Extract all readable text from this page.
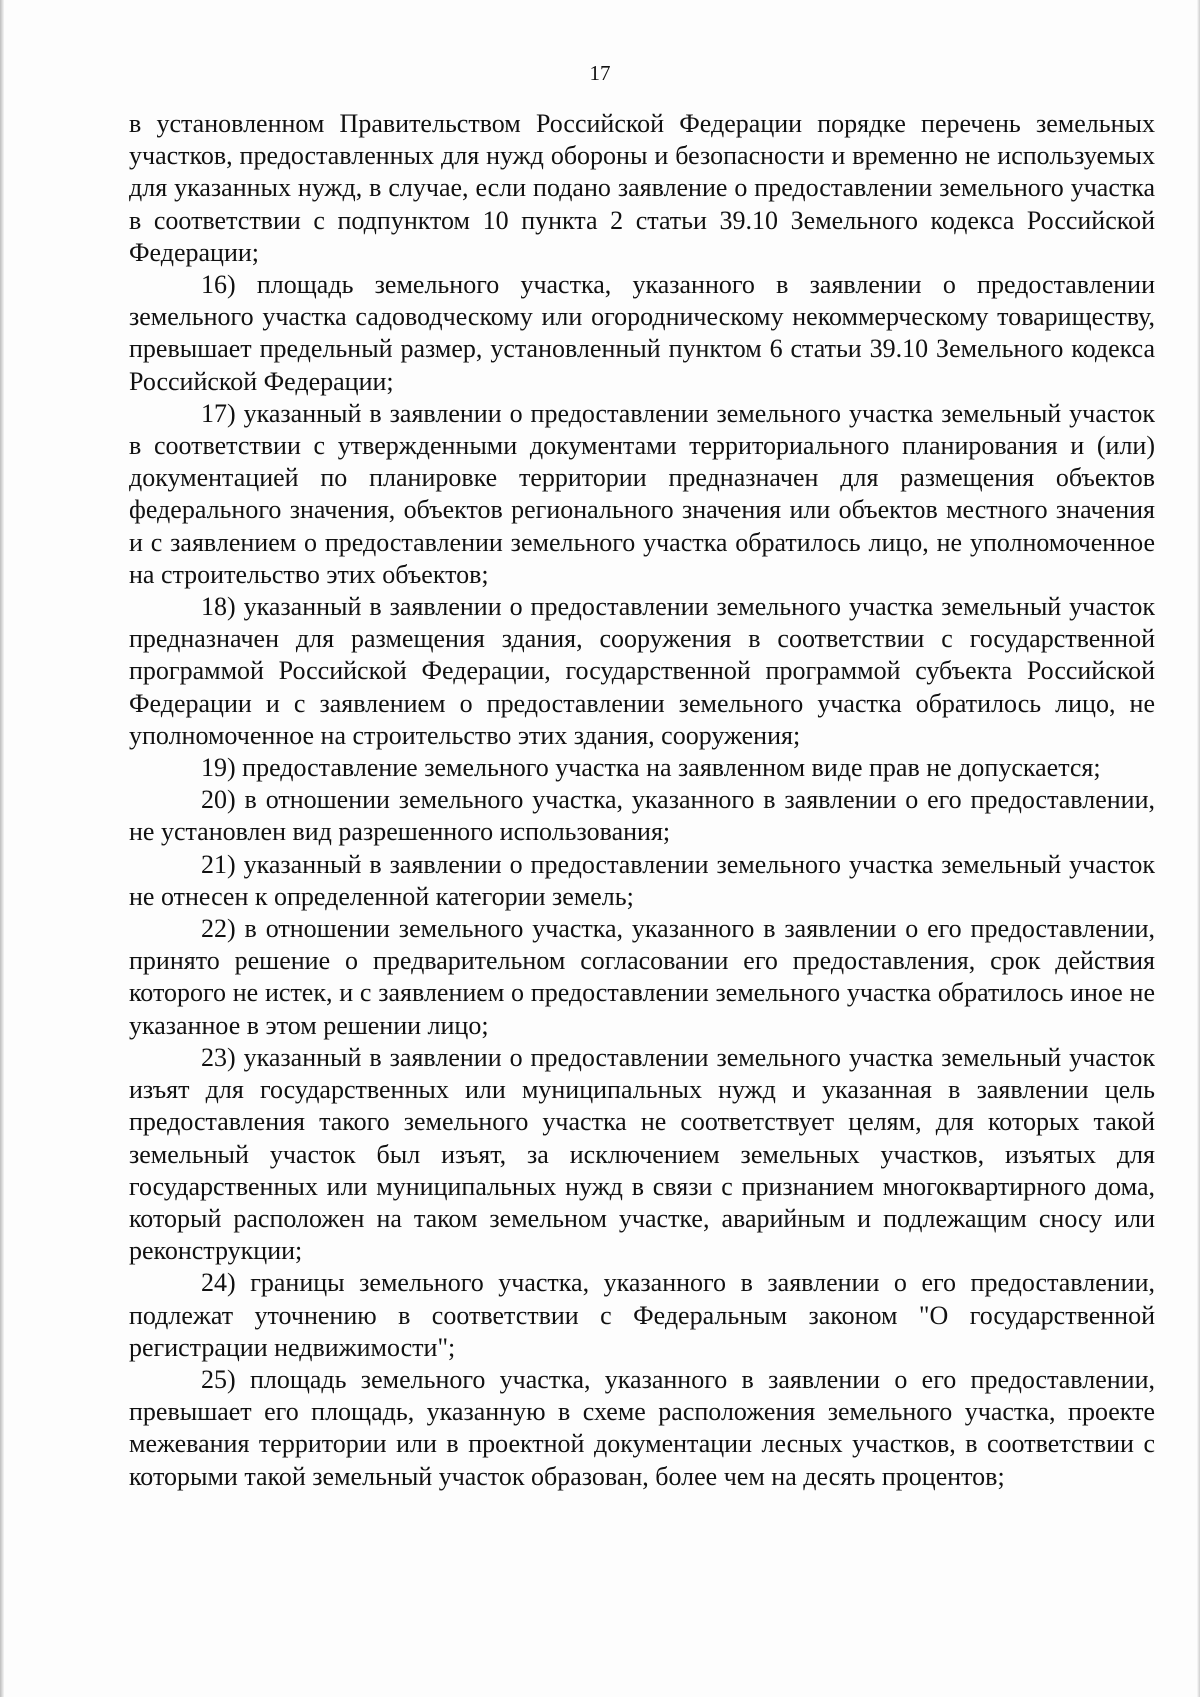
17

в установленном Правительством Российской Федерации порядке перечень земельных участков, предоставленных для нужд обороны и безопасности и временно не используемых для указанных нужд, в случае, если подано заявление о предоставлении земельного участка в соответствии с подпунктом 10 пункта 2 статьи 39.10 Земельного кодекса Российской Федерации;

16) площадь земельного участка, указанного в заявлении о предоставлении земельного участка садоводческому или огородническому некоммерческому товариществу, превышает предельный размер, установленный пунктом 6 статьи 39.10 Земельного кодекса Российской Федерации;

17) указанный в заявлении о предоставлении земельного участка земельный участок в соответствии с утвержденными документами территориального планирования и (или) документацией по планировке территории предназначен для размещения объектов федерального значения, объектов регионального значения или объектов местного значения и с заявлением о предоставлении земельного участка обратилось лицо, не уполномоченное на строительство этих объектов;

18) указанный в заявлении о предоставлении земельного участка земельный участок предназначен для размещения здания, сооружения в соответствии с государственной программой Российской Федерации, государственной программой субъекта Российской Федерации и с заявлением о предоставлении земельного участка обратилось лицо, не уполномоченное на строительство этих здания, сооружения;

19) предоставление земельного участка на заявленном виде прав не допускается;

20) в отношении земельного участка, указанного в заявлении о его предоставлении, не установлен вид разрешенного использования;

21) указанный в заявлении о предоставлении земельного участка земельный участок не отнесен к определенной категории земель;

22) в отношении земельного участка, указанного в заявлении о его предоставлении, принято решение о предварительном согласовании его предоставления, срок действия которого не истек, и с заявлением о предоставлении земельного участка обратилось иное не указанное в этом решении лицо;

23) указанный в заявлении о предоставлении земельного участка земельный участок изъят для государственных или муниципальных нужд и указанная в заявлении цель предоставления такого земельного участка не соответствует целям, для которых такой земельный участок был изъят, за исключением земельных участков, изъятых для государственных или муниципальных нужд в связи с признанием многоквартирного дома, который расположен на таком земельном участке, аварийным и подлежащим сносу или реконструкции;

24) границы земельного участка, указанного в заявлении о его предоставлении, подлежат уточнению в соответствии с Федеральным законом "О государственной регистрации недвижимости";

25) площадь земельного участка, указанного в заявлении о его предоставлении, превышает его площадь, указанную в схеме расположения земельного участка, проекте межевания территории или в проектной документации лесных участков, в соответствии с которыми такой земельный участок образован, более чем на десять процентов;
